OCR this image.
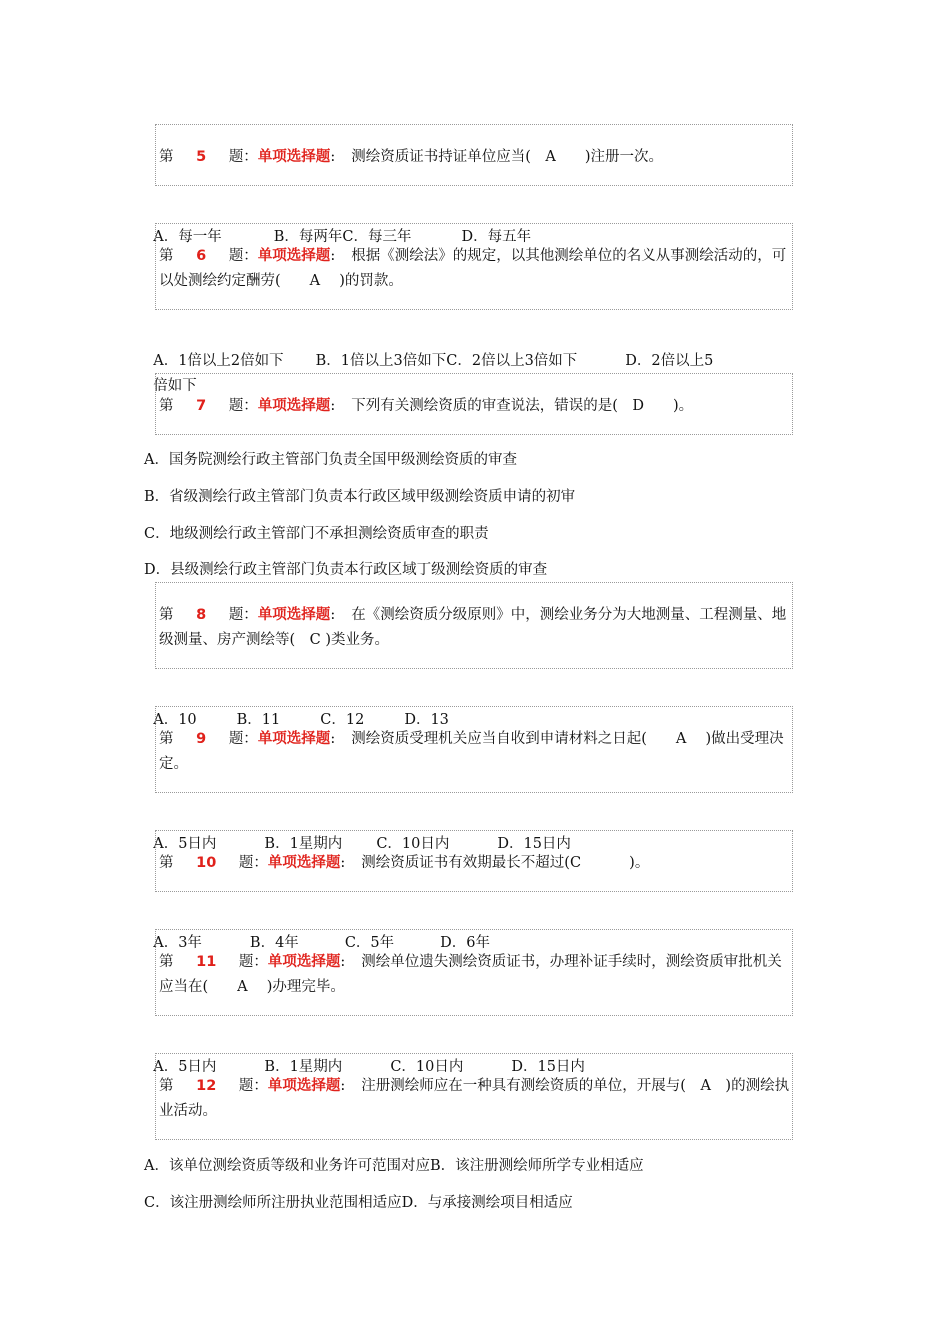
第 5 题：单项选择题: 测绘资质证书持证单位应当(　A　　)注册一次。

A．每一年	B．每两年C．每三年	D．每五年

第 6 题：单项选择题: 根据《测绘法》的规定，以其他测绘单位的名义从事测绘活动的，可以处测绘约定酬劳(　　A　 )的罚款。

A．1倍以上2倍如下 B．1倍以上3倍如下C．2倍以上3倍如下	D．2倍以上5

倍如下

第 7 题：单项选择题: 下列有关测绘资质的审查说法，错误的是(　D　　)。
A．国务院测绘行政主管部门负责全国甲级测绘资质的审查
B．省级测绘行政主管部门负责本行政区域甲级测绘资质申请的初审
C．地级测绘行政主管部门不承担测绘资质审查的职责
D．县级测绘行政主管部门负责本行政区域丁级测绘资质的审查
第 8 题：单项选择题: 在《测绘资质分级原则》中，测绘业务分为大地测量、工程测量、地级测量、房产测绘等(　C )类业务。

A．10	B．11	C．12	D．13

第 9 题：单项选择题: 测绘资质受理机关应当自收到申请材料之日起(　　A　 )做出受理决定。

A．5日内	B．1星期内 C．10日内	D．15日内

第 10 题：单项选择题: 测绘资质证书有效期最长不超过(C　　　 )。

A．3年	B．4年	C．5年	D．6年

第 11 题：单项选择题: 测绘单位遗失测绘资质证书，办理补证手续时，测绘资质审批机关应当在(　　A　 )办理完毕。

A．5日内	B．1星期内	C．10日内	D．15日内

第 12 题：单项选择题: 注册测绘师应在一种具有测绘资质的单位，开展与(　A　)的测绘执业活动。
A．该单位测绘资质等级和业务许可范围对应B．该注册测绘师所学专业相适应
C．该注册测绘师所注册执业范围相适应D．与承接测绘项目相适应
